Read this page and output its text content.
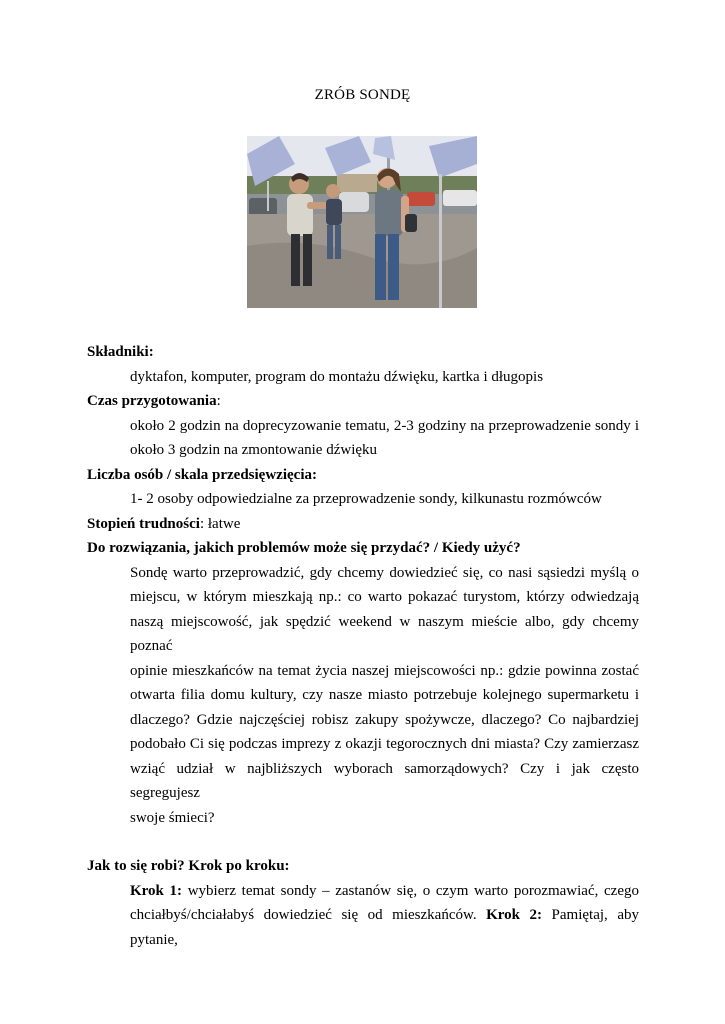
ZRÓB SONDĘ

Składniki:

dyktafon, komputer, program do montażu dźwięku, kartka i długopis

Czas przygotowania:

około 2 godzin na doprecyzowanie tematu, 2-3 godziny na przeprowadzenie sondy i

około 3 godzin na zmontowanie dźwięku

Liczba osób / skala przedsięwzięcia:

1- 2 osoby odpowiedzialne za przeprowadzenie sondy, kilkunastu rozmówców

Stopień trudności: łatwe

Do rozwiązania, jakich problemów może się przydać? / Kiedy użyć?

Sondę warto przeprowadzić, gdy chcemy dowiedzieć się, co nasi sąsiedzi myślą o

miejscu, w którym mieszkają np.: co warto pokazać turystom, którzy odwiedzają

naszą miejscowość, jak spędzić weekend w naszym mieście albo, gdy chcemy poznać

opinie mieszkańców na temat życia naszej miejscowości np.: gdzie powinna zostać

otwarta filia domu kultury, czy nasze miasto potrzebuje kolejnego supermarketu i

dlaczego? Gdzie najczęściej robisz zakupy spożywcze, dlaczego? Co najbardziej

podobało Ci się podczas imprezy z okazji tegorocznych dni miasta? Czy zamierzasz

wziąć udział w najbliższych wyborach samorządowych? Czy i jak często segregujesz

swoje śmieci?

Jak to się robi? Krok po kroku:

Krok 1: wybierz temat sondy – zastanów się, o czym warto porozmawiać, czego

chciałbyś/chciałabyś dowiedzieć się od mieszkańców. Krok 2: Pamiętaj, aby pytanie,
